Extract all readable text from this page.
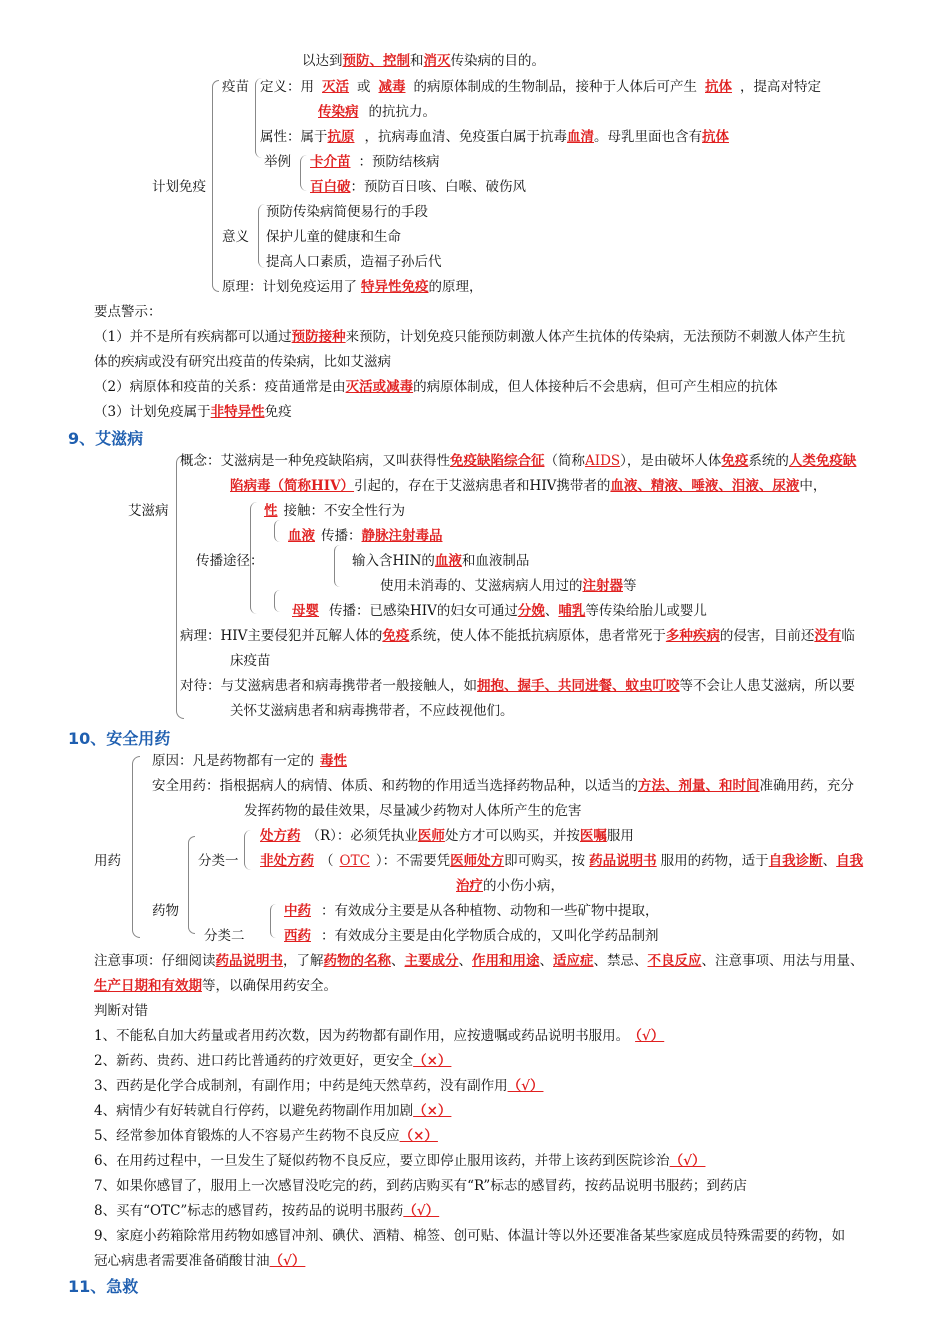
以达到预防、控制和消灭传染病的目的。
疫苗 定义：用 灭活 或 减毒 的病原体制成的生物制品，接种于人体后可产生 抗体 ，提高对特定
传染病 的抗抗力。
属性：属于抗原 ，抗病毒血清、免疫蛋白属于抗毒血清。母乳里面也含有抗体
举例 卡介苗 ：预防结核病
百白破：预防百日咳、白喉、破伤风
计划免疫
意义
预防传染病简便易行的手段
保护儿童的健康和生命
提高人口素质，造福子孙后代
原理：计划免疫运用了 特异性免疫的原理，
要点警示：
（1）并不是所有疾病都可以通过预防接种来预防，计划免疫只能预防刺激人体产生抗体的传染病，无法预防不刺激人体产生抗
体的疾病或没有研究出疫苗的传染病，比如艾滋病
（2）病原体和疫苗的关系：疫苗通常是由灭活或减毒的病原体制成，但人体接种后不会患病，但可产生相应的抗体
（3）计划免疫属于非特异性免疫
9、艾滋病
艾滋病
概念：艾滋病是一种免疫缺陷病，又叫获得性免疫缺陷综合征（简称AIDS），是由破坏人体免疫系统的人类免疫缺
陷病毒（简称HIV）引起的，存在于艾滋病患者和HIV携带者的血液、精液、唾液、泪液、尿液中，
传播途径：
性 接触：不安全性行为
血液 传播：静脉注射毒品
输入含HIN的血液和血液制品
使用未消毒的、艾滋病病人用过的注射器等
母婴 传播：已感染HIV的妇女可通过分娩、哺乳等传染给胎儿或婴儿
病理：HIV主要侵犯并瓦解人体的免疫系统，使人体不能抵抗病原体，患者常死于多种疾病的侵害，目前还没有临
床疫苗
对待：与艾滋病患者和病毒携带者一般接触人，如拥抱、握手、共同进餐、蚊虫叮咬等不会让人患艾滋病，所以要
关怀艾滋病患者和病毒携带者，不应歧视他们。
10、安全用药
用药
原因：凡是药物都有一定的 毒性
安全用药：指根据病人的病情、体质、和药物的作用适当选择药物品种，以适当的方法、剂量、和时间准确用药，充分
发挥药物的最佳效果，尽量减少药物对人体所产生的危害
药物
分类一
处方药 （R）：必须凭执业医师处方才可以购买，并按医嘱服用
非处方药 （ OTC ）：不需要凭医师处方即可购买，按 药品说明书 服用的药物，适于自我诊断、自我
治疗的小伤小病，
分类二
中药 ：有效成分主要是从各种植物、动物和一些矿物中提取，
西药 ：有效成分主要是由化学物质合成的，又叫化学药品制剂
注意事项：仔细阅读药品说明书，了解药物的名称、主要成分、作用和用途、适应症、禁忌、不良反应、注意事项、用法与用量、
生产日期和有效期等，以确保用药安全。
判断对错
1、不能私自加大药量或者用药次数，因为药物都有副作用，应按遗嘱或药品说明书服用。 （√）
2、新药、贵药、进口药比普通药的疗效更好，更安全（×）
3、西药是化学合成制剂，有副作用；中药是纯天然草药，没有副作用（√）
4、病情少有好转就自行停药，以避免药物副作用加剧（×）
5、经常参加体育锻炼的人不容易产生药物不良反应（×）
6、在用药过程中，一旦发生了疑似药物不良反应，要立即停止服用该药，并带上该药到医院诊治（√）
7、如果你感冒了，服用上一次感冒没吃完的药，到药店购买有“R”标志的感冒药，按药品说明书服药；到药店
8、买有“OTC”标志的感冒药，按药品的说明书服药（√）
9、家庭小药箱除常用药物如感冒冲剂、碘伏、酒精、棉签、创可贴、体温计等以外还要准备某些家庭成员特殊需要的药物，如
冠心病患者需要准备硝酸甘油（√）
11、急救
